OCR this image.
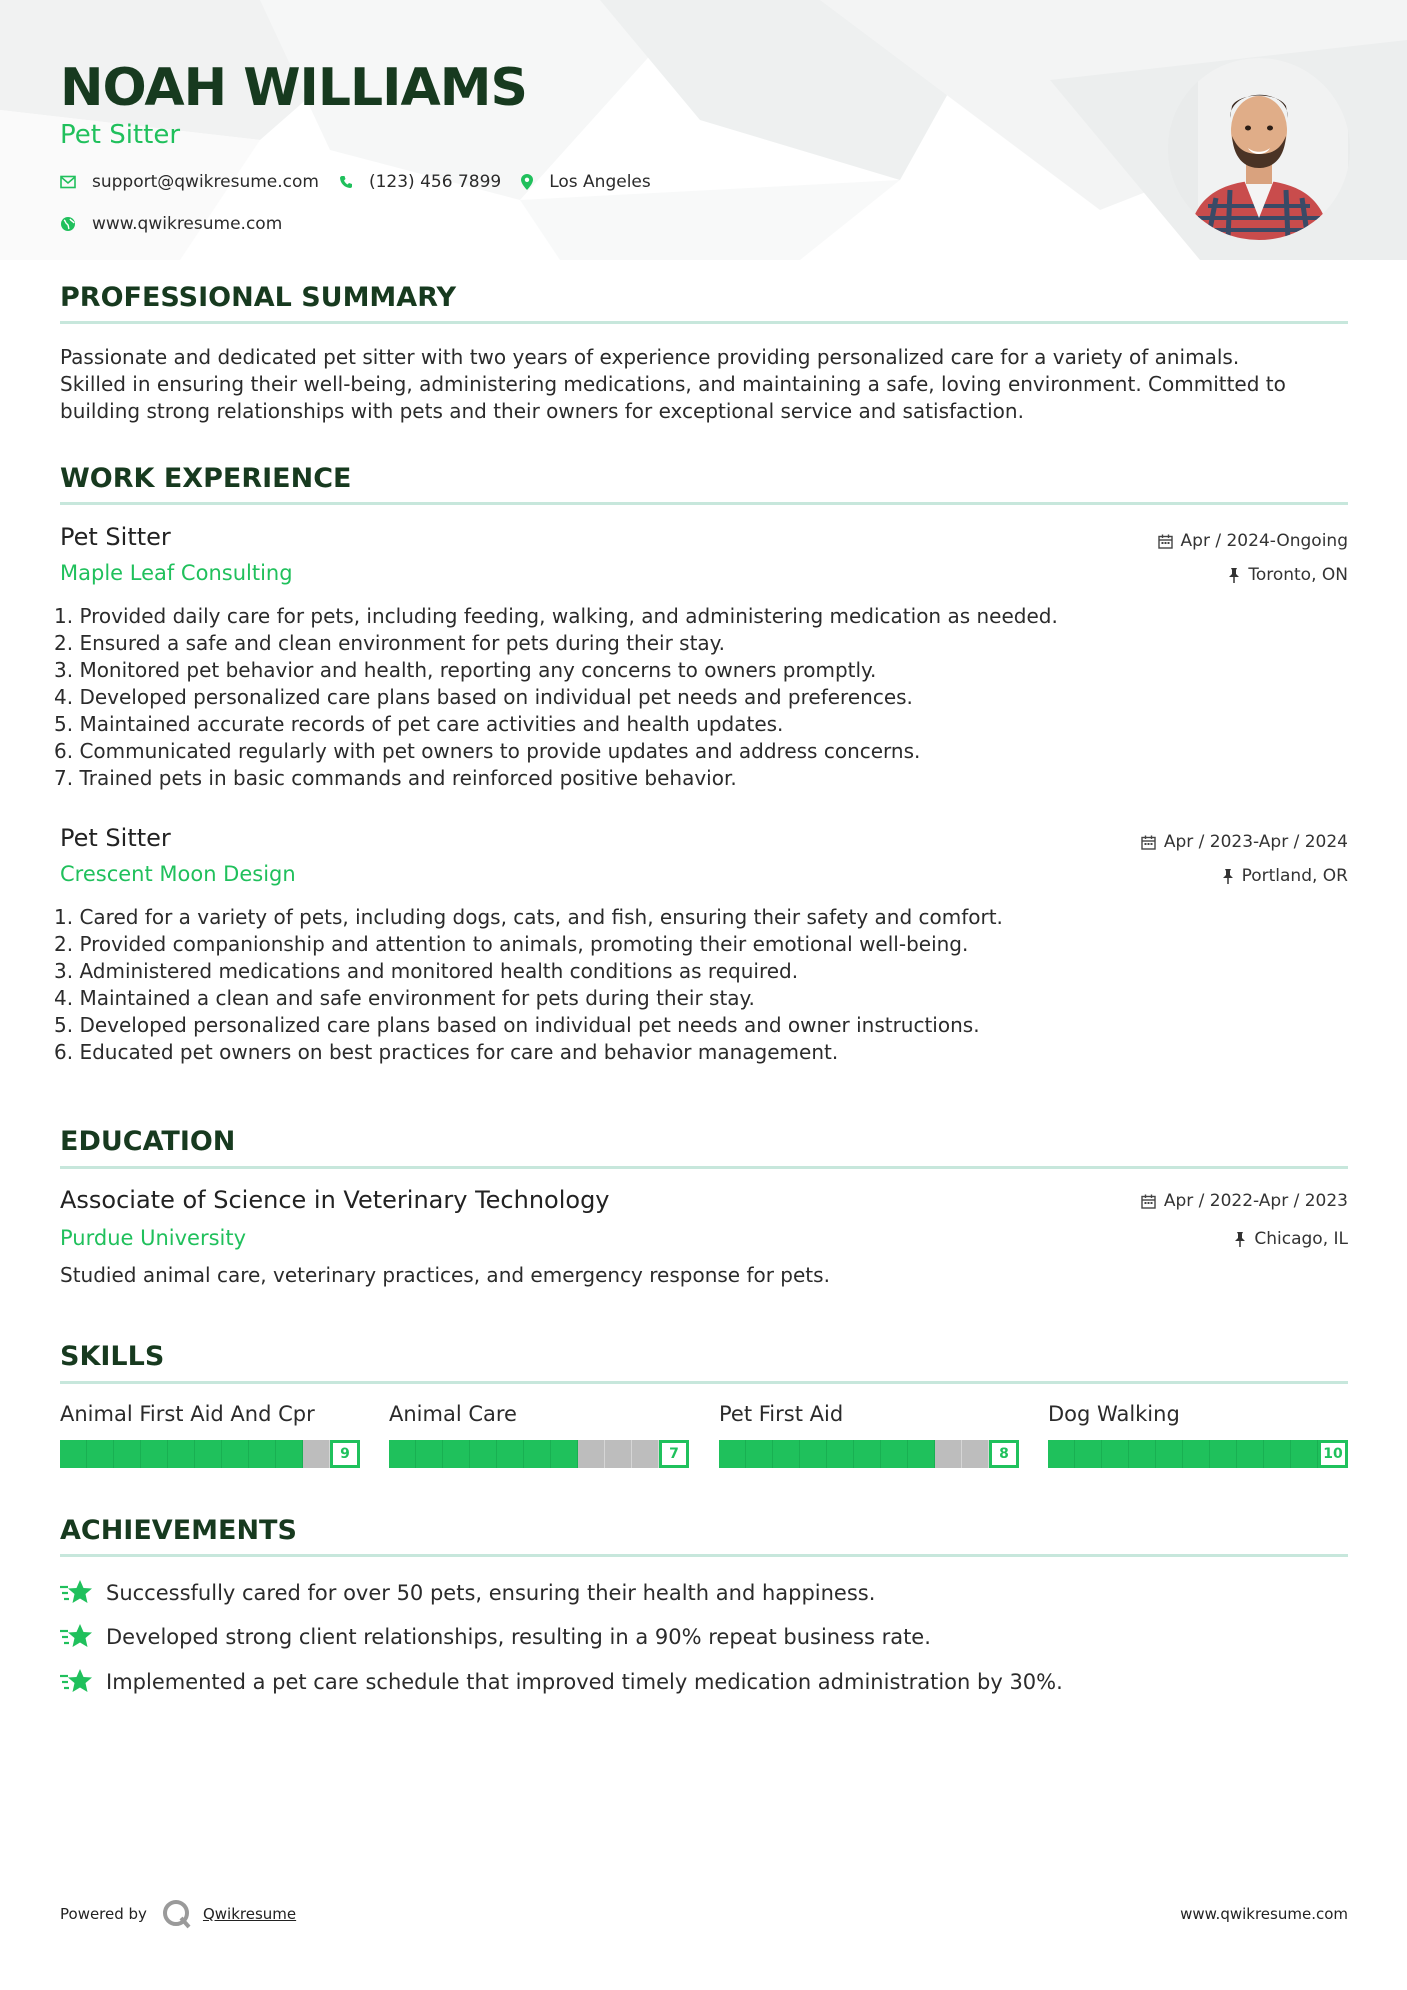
NOAH WILLIAMS
Pet Sitter
support@qwikresume.com	(123) 456 7899	Los Angeles
www.qwikresume.com
PROFESSIONAL SUMMARY
Passionate and dedicated pet sitter with two years of experience providing personalized care for a variety of animals.
Skilled in ensuring their well-being, administering medications, and maintaining a safe, loving environment. Committed to
building strong relationships with pets and their owners for exceptional service and satisfaction.
WORK EXPERIENCE
Pet Sitter	Apr / 2024-Ongoing
Maple Leaf Consulting	Toronto, ON
1. Provided daily care for pets, including feeding, walking, and administering medication as needed.
2. Ensured a safe and clean environment for pets during their stay.
3. Monitored pet behavior and health, reporting any concerns to owners promptly.
4. Developed personalized care plans based on individual pet needs and preferences.
5. Maintained accurate records of pet care activities and health updates.
6. Communicated regularly with pet owners to provide updates and address concerns.
7. Trained pets in basic commands and reinforced positive behavior.
Pet Sitter	Apr / 2023-Apr / 2024
Crescent Moon Design	Portland, OR
1. Cared for a variety of pets, including dogs, cats, and fish, ensuring their safety and comfort.
2. Provided companionship and attention to animals, promoting their emotional well-being.
3. Administered medications and monitored health conditions as required.
4. Maintained a clean and safe environment for pets during their stay.
5. Developed personalized care plans based on individual pet needs and owner instructions.
6. Educated pet owners on best practices for care and behavior management.
EDUCATION
Associate of Science in Veterinary Technology	Apr / 2022-Apr / 2023
Purdue University	Chicago, IL
Studied animal care, veterinary practices, and emergency response for pets.
SKILLS
Animal First Aid And Cpr
9
Animal Care
7
Pet First Aid
8
Dog Walking
10
ACHIEVEMENTS
Successfully cared for over 50 pets, ensuring their health and happiness.
Developed strong client relationships, resulting in a 90% repeat business rate.
Implemented a pet care schedule that improved timely medication administration by 30%.
Powered by	Qwikresume	www.qwikresume.com
